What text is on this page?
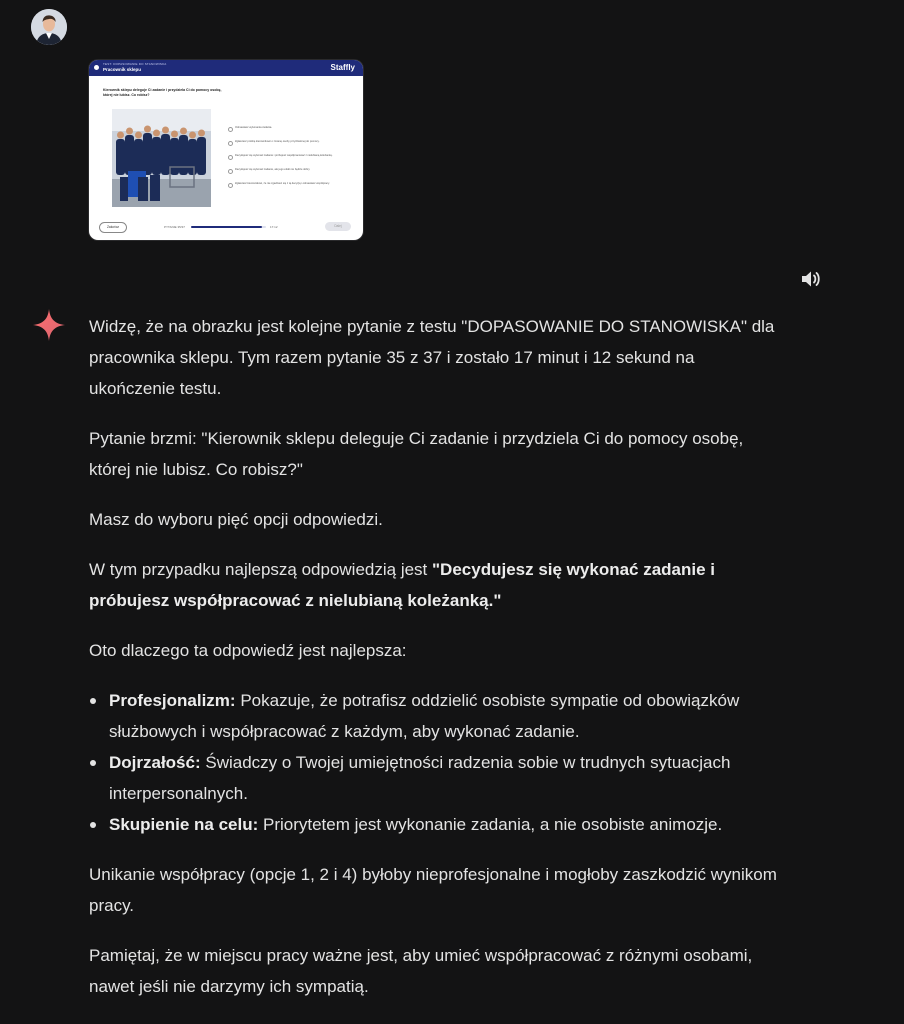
TEST: DOPASOWANIE DO STANOWISKA
Pracownik sklepu	Staffly
Kierownik sklepu deleguje Ci zadanie i przydziela Ci do pomocy osobę, której nie lubisz. Co robisz?
Odmawiasz wykonania zadania.
Zgłaszasz prośbę kierownikowi o zmianę osoby przydzielonej do pomocy.
Decydujesz się wykonać zadanie i próbujesz współpracować z nielubianą koleżanką.
Decydujesz się wykonać zadanie, ale jego efekt nie będzie dobry.
Zgłaszasz kierownikowi, że nie zgadzasz się z tą decyzją i odmawiasz współpracy.
Zakończ	PYTANIE 35/37	17:12	Dalej

Widzę, że na obrazku jest kolejne pytanie z testu "DOPASOWANIE DO STANOWISKA" dla pracownika sklepu. Tym razem pytanie 35 z 37 i zostało 17 minut i 12 sekund na ukończenie testu.

Pytanie brzmi: "Kierownik sklepu deleguje Ci zadanie i przydziela Ci do pomocy osobę, której nie lubisz. Co robisz?"

Masz do wyboru pięć opcji odpowiedzi.

W tym przypadku najlepszą odpowiedzią jest "Decydujesz się wykonać zadanie i próbujesz współpracować z nielubianą koleżanką."

Oto dlaczego ta odpowiedź jest najlepsza:

Profesjonalizm: Pokazuje, że potrafisz oddzielić osobiste sympatie od obowiązków służbowych i współpracować z każdym, aby wykonać zadanie.
Dojrzałość: Świadczy o Twojej umiejętności radzenia sobie w trudnych sytuacjach interpersonalnych.
Skupienie na celu: Priorytetem jest wykonanie zadania, a nie osobiste animozje.

Unikanie współpracy (opcje 1, 2 i 4) byłoby nieprofesjonalne i mogłoby zaszkodzić wynikom pracy.

Pamiętaj, że w miejscu pracy ważne jest, aby umieć współpracować z różnymi osobami, nawet jeśli nie darzymy ich sympatią.
